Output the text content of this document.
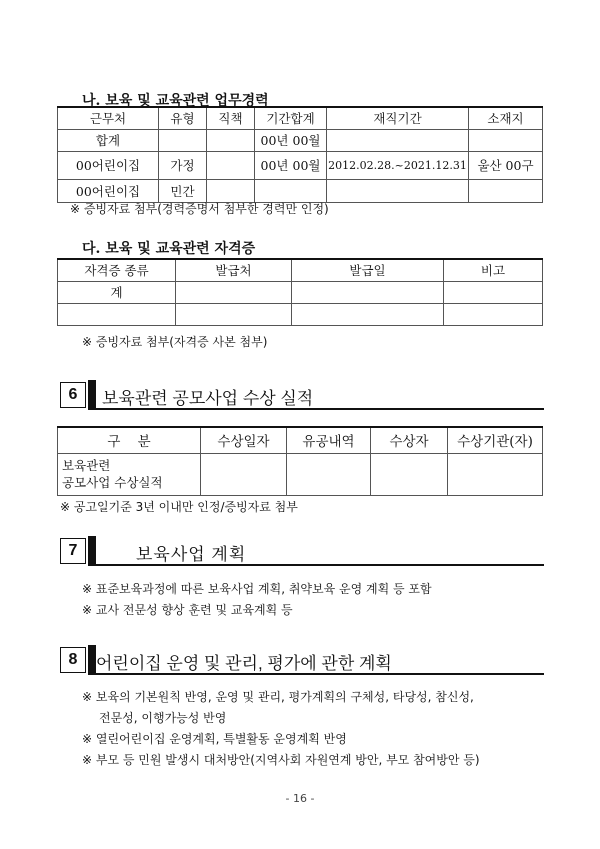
나. 보육 및 교육관련 업무경력
근무처	유형	직책	기간합계	재직기간	소재지
합계			00년 00월		
00어린이집	가정		00년 00월	2012.02.28.~2021.12.31	울산 00구
00어린이집	민간				
※ 증빙자료 첨부(경력증명서 첨부한 경력만 인정)
다. 보육 및 교육관련 자격증
자격증 종류	발급처	발급일	비고
계			

※ 증빙자료 첨부(자격증 사본 첨부)
6	보육관련 공모사업 수상 실적
구    분	수상일자	유공내역	수상자	수상기관(자)

보육관련
공모사업 수상실적				

※ 공고일기준 3년 이내만 인정/증빙자료 첨부
7	보육사업 계획
※ 표준보육과정에 따른 보육사업 계획, 취약보육 운영 계획 등 포함
※ 교사 전문성 향상 훈련 및 교육계획 등
8	어린이집 운영 및 관리, 평가에 관한 계획
※ 보육의 기본원칙 반영, 운영 및 관리, 평가계획의 구체성, 타당성, 참신성,
전문성, 이행가능성 반영
※ 열린어린이집 운영계획, 특별활동 운영계획 반영
※ 부모 등 민원 발생시 대처방안(지역사회 자원연계 방안, 부모 참여방안 등)
- 16 -
